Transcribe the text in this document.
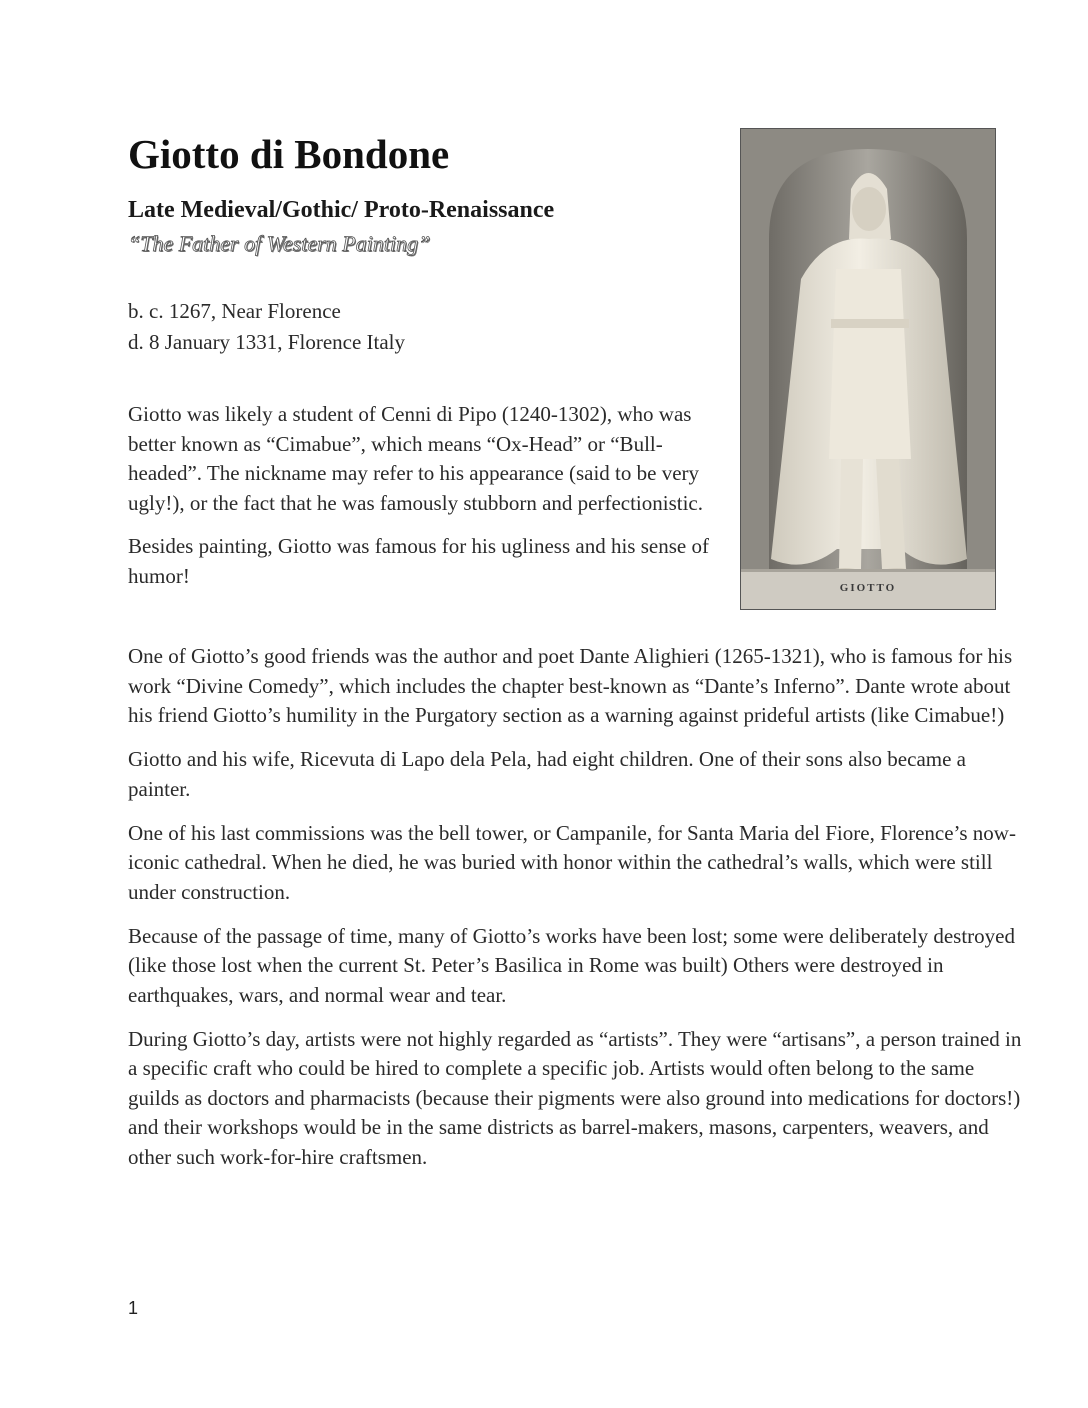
Giotto di Bondone
Late Medieval/Gothic/ Proto-Renaissance
“The Father of Western Painting”
b. c. 1267, Near Florence
d. 8 January 1331, Florence Italy

Giotto was likely a student of Cenni di Pipo (1240-1302), who was better known as “Cimabue”, which means “Ox-Head” or “Bull-headed”. The nickname may refer to his appearance (said to be very ugly!), or the fact that he was famously stubborn and perfectionistic.

Besides painting, Giotto was famous for his ugliness and his sense of humor!

GIOTTO

One of Giotto’s good friends was the author and poet Dante Alighieri (1265-1321), who is famous for his work “Divine Comedy”, which includes the chapter best-known as “Dante’s Inferno”. Dante wrote about his friend Giotto’s humility in the Purgatory section as a warning against prideful artists (like Cimabue!)

Giotto and his wife, Ricevuta di Lapo dela Pela, had eight children. One of their sons also became a painter.

One of his last commissions was the bell tower, or Campanile, for Santa Maria del Fiore, Florence’s now-iconic cathedral. When he died, he was buried with honor within the cathedral’s walls, which were still under construction.

Because of the passage of time, many of Giotto’s works have been lost; some were deliberately destroyed (like those lost when the current St. Peter’s Basilica in Rome was built) Others were destroyed in earthquakes, wars, and normal wear and tear.

During Giotto’s day, artists were not highly regarded as “artists”. They were “artisans”, a person trained in a specific craft who could be hired to complete a specific job. Artists would often belong to the same guilds as doctors and pharmacists (because their pigments were also ground into medications for doctors!) and their workshops would be in the same districts as barrel-makers, masons, carpenters, weavers, and other such work-for-hire craftsmen.

1
